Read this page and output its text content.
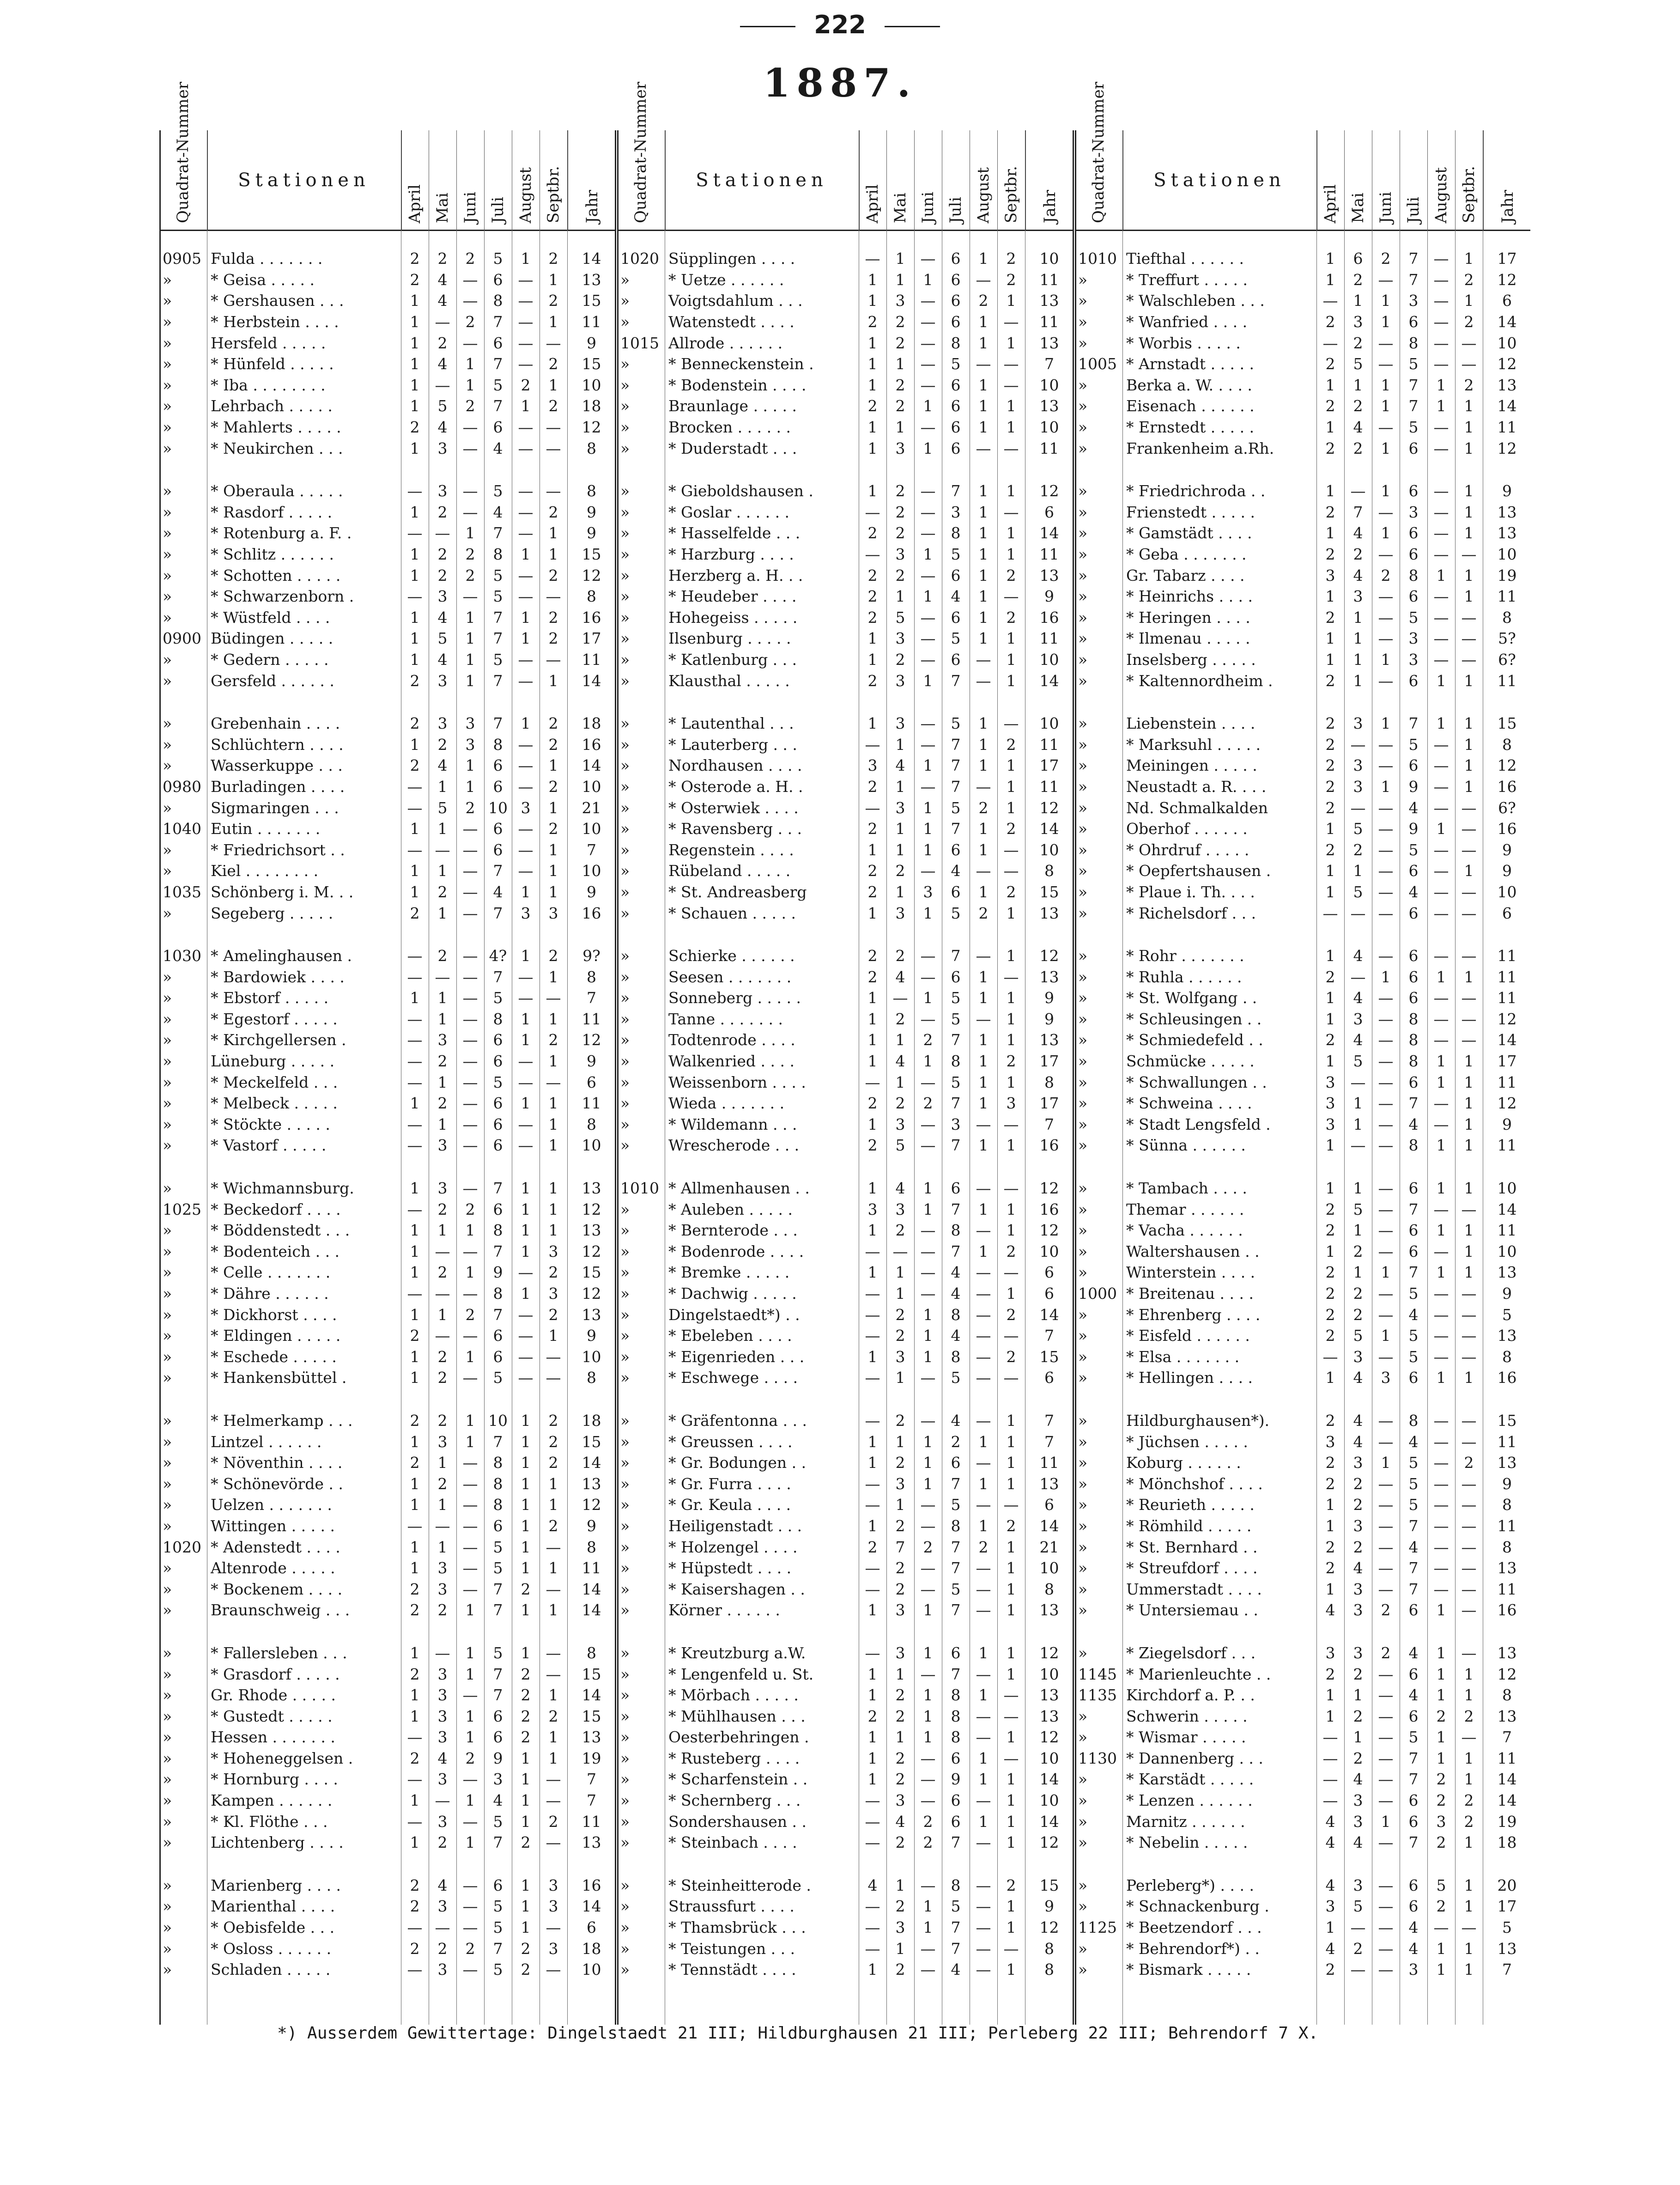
222
1887.
Quadrat-Nummer	Stationen
April Mai Juni Juli August Septbr. Jahr
0905 Fulda . . . . . . .	2	2	2	5	1	2	14
»	* Geisa . . . . .	2	4	—	6	—	1	13
»	* Gershausen . . .	1	4	—	8	—	2	15
»	* Herbstein . . . .	1	—	2	7	—	1	11
»	Hersfeld . . . . .	1	2	—	6	— —	9
»	* Hünfeld . . . . .	1	4	1	7	—	2	15
»	* Iba . . . . . . . .	1	—	1	5	2	1	10
»	Lehrbach . . . . .	1	5	2	7	1	2	18
»	* Mahlerts . . . . .	2	4	—	6	— —	12
»	* Neukirchen . . .	1	3	—	4	— —	8
»	* Oberaula . . . . .	—	3	—	5	— —	8
»	* Rasdorf . . . . .	1	2	—	4	—	2	9
»	* Rotenburg a. F. .	— —	1	7	—	1	9
»	* Schlitz . . . . . .	1	2	2	8	1	1	15
»	* Schotten . . . . .	1	2	2	5	—	2	12
»	* Schwarzenborn .	—	3	—	5	— —	8
»	* Wüstfeld . . . .	1	4	1	7	1	2	16
0900 Büdingen . . . . .	1	5	1	7	1	2	17
»	* Gedern . . . . .	1	4	1	5	— —	11
»	Gersfeld . . . . . .	2	3	1	7	—	1	14
»	Grebenhain . . . .	2	3	3	7	1	2	18
»	Schlüchtern . . . .	1	2	3	8	—	2	16
»	Wasserkuppe . . .	2	4	1	6	—	1	14
0980 Burladingen . . . .	—	1	1	6	—	2	10
»	Sigmaringen . . .	—	5	2 10 3	1	21
1040 Eutin . . . . . . .	1	1	—	6	—	2	10
»	* Friedrichsort . .	— — —	6	—	1	7
»	Kiel . . . . . . . .	1	1	—	7	—	1	10
1035 Schönberg i. M. . .	1	2	—	4	1	1	9
»	Segeberg . . . . .	2	1	—	7	3	3	16
1030 * Amelinghausen .	—	2	— 4? 1	2	9?
»	* Bardowiek . . . .	— — —	7	—	1	8
»	* Ebstorf . . . . .	1	1	—	5	— —	7
»	* Egestorf . . . . .	—	1	—	8	1	1	11
»	* Kirchgellersen .	—	3	—	6	1	2	12
»	Lüneburg . . . . .	—	2	—	6	—	1	9
»	* Meckelfeld . . .	—	1	—	5	— —	6
»	* Melbeck . . . . .	1	2	—	6	1	1	11
»	* Stöckte . . . . .	—	1	—	6	—	1	8
»	* Vastorf . . . . .	—	3	—	6	—	1	10
»	* Wichmannsburg.	1	3	—	7	1	1	13
1025 * Beckedorf . . . .	—	2	2	6	1	1	12
»	* Böddenstedt . . .	1	1	1	8	1	1	13
»	* Bodenteich . . .	1	— —	7	1	3	12
»	* Celle . . . . . . .	1	2	1	9	—	2	15
»	* Dähre . . . . . .	— — —	8	1	3	12
»	* Dickhorst . . . .	1	1	2	7	—	2	13
»	* Eldingen . . . . .	2	— —	6	—	1	9
»	* Eschede . . . . .	1	2	1	6	— —	10
»	* Hankensbüttel .	1	2	—	5	— —	8
»	* Helmerkamp . . .	2	2	1 10 1	2	18
»	Lintzel . . . . . .	1	3	1	7	1	2	15
»	* Növenthin . . . .	2	1	—	8	1	2	14
»	* Schönevörde . .	1	2	—	8	1	1	13
»	Uelzen . . . . . . .	1	1	—	8	1	1	12
»	Wittingen . . . . .	— — —	6	1	2	9
1020 * Adenstedt . . . .	1	1	—	5	1	—	8
»	Altenrode . . . . .	1	3	—	5	1	1	11
»	* Bockenem . . . .	2	3	—	7	2	—	14
»	Braunschweig . . .	2	2	1	7	1	1	14
»	* Fallersleben . . .	1	—	1	5	1	—	8
»	* Grasdorf . . . . .	2	3	1	7	2	—	15
»	Gr. Rhode . . . . .	1	3	—	7	2	1	14
»	* Gustedt . . . . .	1	3	1	6	2	2	15
»	Hessen . . . . . . .	—	3	1	6	2	1	13
»	* Hoheneggelsen .	2	4	2	9	1	1	19
»	* Hornburg . . . .	—	3	—	3	1	—	7
»	Kampen . . . . . .	1	—	1	4	1	—	7
»	* Kl. Flöthe . . .	—	3	—	5	1	2	11
»	Lichtenberg . . . .	1	2	1	7	2	—	13
»	Marienberg . . . .	2	4	—	6	1	3	16
»	Marienthal . . . .	2	3	—	5	1	3	14
»	* Oebisfelde . . .	— — —	5	1	—	6
»	* Osloss . . . . . .	2	2	2	7	2	3	18
»	Schladen . . . . .	—	3	—	5	2	—	10
Quadrat-Nummer	Stationen
April Mai Juni Juli August Septbr. Jahr
1020 Süpplingen . . . .	—	1	—	6	1	2	10
»	* Uetze . . . . . .	1	1	1	6	—	2	11
»	Voigtsdahlum . . .	1	3	—	6	2	1	13
»	Watenstedt . . . .	2	2	—	6	1	—	11
1015 Allrode . . . . . .	1	2	—	8	1	1	13
»	* Benneckenstein .	1	1	—	5	— —	7
»	* Bodenstein . . . .	1	2	—	6	1	—	10
»	Braunlage . . . . .	2	2	1	6	1	1	13
»	Brocken . . . . . .	1	1	—	6	1	1	10
»	* Duderstadt . . .	1	3	1	6	— —	11
»	* Gieboldshausen .	1	2	—	7	1	1	12
»	* Goslar . . . . . .	—	2	—	3	1	—	6
»	* Hasselfelde . . .	2	2	—	8	1	1	14
»	* Harzburg . . . .	—	3	1	5	1	1	11
»	Herzberg a. H. . .	2	2	—	6	1	2	13
»	* Heudeber . . . .	2	1	1	4	1	—	9
»	Hohegeiss . . . . .	2	5	—	6	1	2	16
»	Ilsenburg . . . . .	1	3	—	5	1	1	11
»	* Katlenburg . . .	1	2	—	6	—	1	10
»	Klausthal . . . . .	2	3	1	7	—	1	14
»	* Lautenthal . . .	1	3	—	5	1	—	10
»	* Lauterberg . . .	—	1	—	7	1	2	11
»	Nordhausen . . . .	3	4	1	7	1	1	17
»	* Osterode a. H. .	2	1	—	7	—	1	11
»	* Osterwiek . . . .	—	3	1	5	2	1	12
»	* Ravensberg . . .	2	1	1	7	1	2	14
»	Regenstein . . . .	1	1	1	6	1	—	10
»	Rübeland . . . . .	2	2	—	4	— —	8
»	* St. Andreasberg	2	1	3	6	1	2	15
»	* Schauen . . . . .	1	3	1	5	2	1	13
»	Schierke . . . . . .	2	2	—	7	—	1	12
»	Seesen . . . . . . .	2	4	—	6	1	—	13
»	Sonneberg . . . . .	1	—	1	5	1	1	9
»	Tanne . . . . . . .	1	2	—	5	—	1	9
»	Todtenrode . . . .	1	1	2	7	1	1	13
»	Walkenried . . . .	1	4	1	8	1	2	17
»	Weissenborn . . . .	—	1	—	5	1	1	8
»	Wieda . . . . . . .	2	2	2	7	1	3	17
»	* Wildemann . . .	1	3	—	3	— —	7
»	Wrescherode . . .	2	5	—	7	1	1	16
1010 * Allmenhausen . .	1	4	1	6	— —	12
»	* Auleben . . . . .	3	3	1	7	1	1	16
»	* Bernterode . . .	1	2	—	8	—	1	12
»	* Bodenrode . . . .	— — —	7	1	2	10
»	* Bremke . . . . .	1	1	—	4	— —	6
»	* Dachwig . . . . .	—	1	—	4	—	1	6
»	Dingelstaedt*) . .	—	2	1	8	—	2	14
»	* Ebeleben . . . .	—	2	1	4	— —	7
»	* Eigenrieden . . .	1	3	1	8	—	2	15
»	* Eschwege . . . .	—	1	—	5	— —	6
»	* Gräfentonna . . .	—	2	—	4	—	1	7
»	* Greussen . . . .	1	1	1	2	1	1	7
»	* Gr. Bodungen . .	1	2	1	6	—	1	11
»	* Gr. Furra . . . .	—	3	1	7	1	1	13
»	* Gr. Keula . . . .	—	1	—	5	— —	6
»	Heiligenstadt . . .	1	2	—	8	1	2	14
»	* Holzengel . . . .	2	7	2	7	2	1	21
»	* Hüpstedt . . . .	—	2	—	7	—	1	10
»	* Kaisershagen . .	—	2	—	5	—	1	8
»	Körner . . . . . .	1	3	1	7	—	1	13
»	* Kreutzburg a.W.	—	3	1	6	1	1	12
»	* Lengenfeld u. St.	1	1	—	7	—	1	10
»	* Mörbach . . . . .	1	2	1	8	1	—	13
»	* Mühlhausen . . .	2	2	1	8	— —	13
»	Oesterbehringen .	1	1	1	8	—	1	12
»	* Rusteberg . . . .	1	2	—	6	1	—	10
»	* Scharfenstein . .	1	2	—	9	1	1	14
»	* Schernberg . . .	—	3	—	6	—	1	10
»	Sondershausen . .	—	4	2	6	1	1	14
»	* Steinbach . . . .	—	2	2	7	—	1	12
»	* Steinheitterode .	4	1	—	8	—	2	15
»	Straussfurt . . . .	—	2	1	5	—	1	9
»	* Thamsbrück . . .	—	3	1	7	—	1	12
»	* Teistungen . . .	—	1	—	7	— —	8
»	* Tennstädt . . . .	1	2	—	4	—	1	8
Quadrat-Nummer	Stationen
April Mai Juni Juli August Septbr. Jahr
1010 Tiefthal . . . . . .	1	6	2	7	—	1	17
»	* Treffurt . . . . .	1	2	—	7	—	2	12
»	* Walschleben . . .	—	1	1	3	—	1	6
»	* Wanfried . . . .	2	3	1	6	—	2	14
»	* Worbis . . . . .	—	2	—	8	— —	10
1005 * Arnstadt . . . . .	2	5	—	5	— —	12
»	Berka a. W. . . . .	1	1	1	7	1	2	13
»	Eisenach . . . . . .	2	2	1	7	1	1	14
»	* Ernstedt . . . . .	1	4	—	5	—	1	11
»	Frankenheim a.Rh.	2	2	1	6	—	1	12
»	* Friedrichroda . .	1	—	1	6	—	1	9
»	Frienstedt . . . . .	2	7	—	3	—	1	13
»	* Gamstädt . . . .	1	4	1	6	—	1	13
»	* Geba . . . . . . .	2	2	—	6	— —	10
»	Gr. Tabarz . . . .	3	4	2	8	1	1	19
»	* Heinrichs . . . .	1	3	—	6	—	1	11
»	* Heringen . . . .	2	1	—	5	— —	8
»	* Ilmenau . . . . .	1	1	—	3	— —	5?
»	Inselsberg . . . . .	1	1	1	3	— —	6?
»	* Kaltennordheim .	2	1	—	6	1	1	11
»	Liebenstein . . . .	2	3	1	7	1	1	15
»	* Marksuhl . . . . .	2	— —	5	—	1	8
»	Meiningen . . . . .	2	3	—	6	—	1	12
»	Neustadt a. R. . . .	2	3	1	9	—	1	16
»	Nd. Schmalkalden	2	— —	4	— —	6?
»	Oberhof . . . . . .	1	5	—	9	1	—	16
»	* Ohrdruf . . . . .	2	2	—	5	— —	9
»	* Oepfertshausen .	1	1	—	6	—	1	9
»	* Plaue i. Th. . . .	1	5	—	4	— —	10
»	* Richelsdorf . . .	— — —	6	— —	6
»	* Rohr . . . . . . .	1	4	—	6	— —	11
»	* Ruhla . . . . . .	2	—	1	6	1	1	11
»	* St. Wolfgang . .	1	4	—	6	— —	11
»	* Schleusingen . .	1	3	—	8	— —	12
»	* Schmiedefeld . .	2	4	—	8	— —	14
»	Schmücke . . . . .	1	5	—	8	1	1	17
»	* Schwallungen . .	3	— —	6	1	1	11
»	* Schweina . . . .	3	1	—	7	—	1	12
»	* Stadt Lengsfeld .	3	1	—	4	—	1	9
»	* Sünna . . . . . .	1	— —	8	1	1	11
»	* Tambach . . . .	1	1	—	6	1	1	10
»	Themar . . . . . .	2	5	—	7	— —	14
»	* Vacha . . . . . .	2	1	—	6	1	1	11
»	Waltershausen . .	1	2	—	6	—	1	10
»	Winterstein . . . .	2	1	1	7	1	1	13
1000 * Breitenau . . . .	2	2	—	5	— —	9
»	* Ehrenberg . . . .	2	2	—	4	— —	5
»	* Eisfeld . . . . . .	2	5	1	5	— —	13
»	* Elsa . . . . . . .	—	3	—	5	— —	8
»	* Hellingen . . . .	1	4	3	6	1	1	16
»	Hildburghausen*).	2	4	—	8	— —	15
»	* Jüchsen . . . . .	3	4	—	4	— —	11
»	Koburg . . . . . .	2	3	1	5	—	2	13
»	* Mönchshof . . . .	2	2	—	5	— —	9
»	* Reurieth . . . . .	1	2	—	5	— —	8
»	* Römhild . . . . .	1	3	—	7	— —	11
»	* St. Bernhard . .	2	2	—	4	— —	8
»	* Streufdorf . . . .	2	4	—	7	— —	13
»	Ummerstadt . . . .	1	3	—	7	— —	11
»	* Untersiemau . .	4	3	2	6	1	—	16
»	* Ziegelsdorf . . .	3	3	2	4	1	—	13
1145 * Marienleuchte . .	2	2	—	6	1	1	12
1135 Kirchdorf a. P. . .	1	1	—	4	1	1	8
»	Schwerin . . . . .	1	2	—	6	2	2	13
»	* Wismar . . . . .	—	1	—	5	1	—	7
1130 * Dannenberg . . .	—	2	—	7	1	1	11
»	* Karstädt . . . . .	—	4	—	7	2	1	14
»	* Lenzen . . . . . .	—	3	—	6	2	2	14
»	Marnitz . . . . . .	4	3	1	6	3	2	19
»	* Nebelin . . . . .	4	4	—	7	2	1	18
»	Perleberg*) . . . .	4	3	—	6	5	1	20
»	* Schnackenburg .	3	5	—	6	2	1	17
1125 * Beetzendorf . . .	1	— —	4	— —	5
»	* Behrendorf*) . .	4	2	—	4	1	1	13
»	* Bismark . . . . .	2	— —	3	1	1	7
*) Ausserdem Gewittertage: Dingelstaedt 21 III; Hildburghausen 21 III; Perleberg 22 III; Behrendorf 7 X.
